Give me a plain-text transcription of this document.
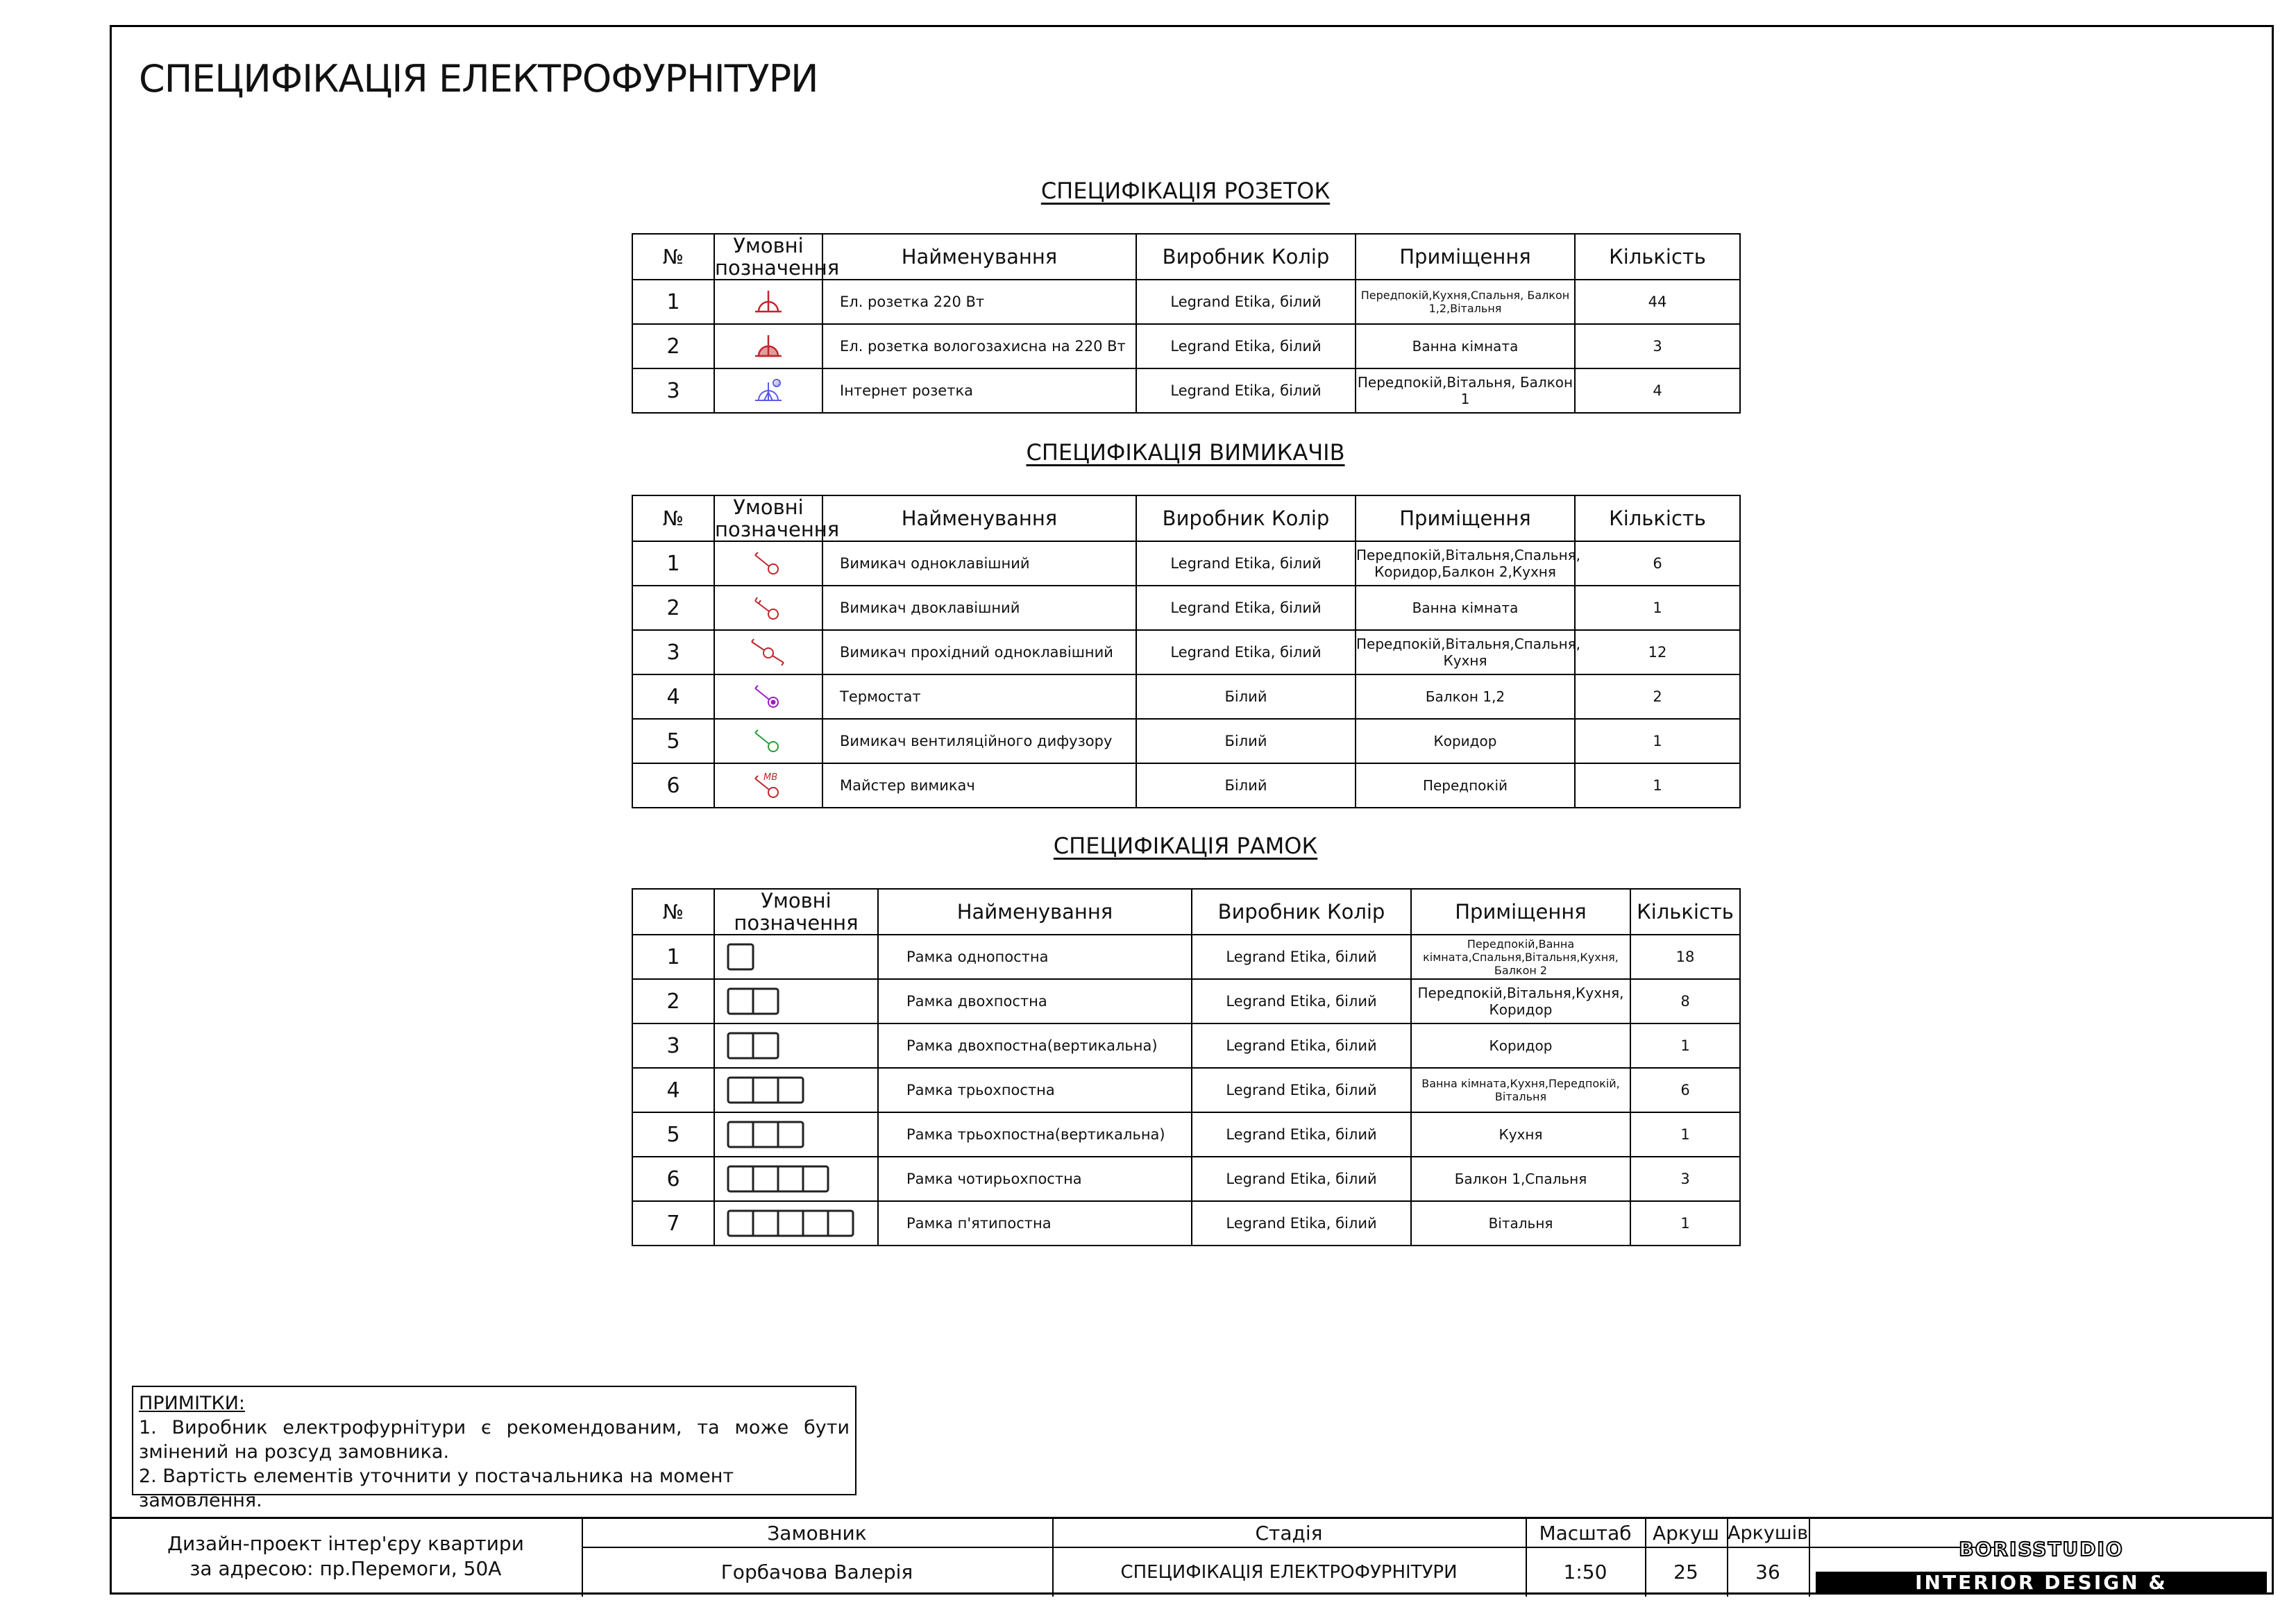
СПЕЦИФІКАЦІЯ ЕЛЕКТРОФУРНІТУРИ
СПЕЦИФІКАЦІЯ РОЗЕТОК
№	Умовні позначення	Найменування	Виробник Колір	Приміщення	Кількість
1		Ел. розетка 220 Вт	Legrand Etika, білий	Передпокій,Кухня,Спальня, Балкон 1,2,Вітальня	44
2		Ел. розетка вологозахисна на 220 Вт	Legrand Etika, білий	Ванна кімната	3
3	@	Інтернет розетка	Legrand Etika, білий	Передпокій,Вітальня, Балкон 1	4
СПЕЦИФІКАЦІЯ ВИМИКАЧІВ
№	Умовні позначення	Найменування	Виробник Колір	Приміщення	Кількість
1		Вимикач одноклавішний	Legrand Etika, білий	Передпокій,Вітальня,Спальня, Коридор,Балкон 2,Кухня	6
2		Вимикач двоклавішний	Legrand Etika, білий	Ванна кімната	1
3		Вимикач прохідний одноклавішний	Legrand Etika, білий	Передпокій,Вітальня,Спальня, Кухня	12
4		Термостат	Білий	Балкон 1,2	2
5		Вимикач вентиляційного дифузору	Білий	Коридор	1
6	МВ	Майстер вимикач	Білий	Передпокій	1
СПЕЦИФІКАЦІЯ РАМОК
№	Умовні позначення	Найменування	Виробник Колір	Приміщення	Кількість
1		Рамка однопостна	Legrand Etika, білий	Передпокій,Ванна кімната,Спальня,Вітальня,Кухня, Балкон 2	18
2		Рамка двохпостна	Legrand Etika, білий	Передпокій,Вітальня,Кухня, Коридор	8
3		Рамка двохпостна(вертикальна)	Legrand Etika, білий	Коридор	1
4		Рамка трьохпостна	Legrand Etika, білий	Ванна кімната,Кухня,Передпокій, Вітальня	6
5		Рамка трьохпостна(вертикальна)	Legrand Etika, білий	Кухня	1
6		Рамка чотирьохпостна	Legrand Etika, білий	Балкон 1,Спальня	3
7		Рамка п'ятипостна	Legrand Etika, білий	Вітальня	1
ПРИМІТКИ:
1. Виробник електрофурнітури є рекомендованим, та може бути змінений на розсуд замовника.
2. Вартість елементів уточнити у постачальника на момент замовлення.
Дизайн-проект інтер'єру квартири
за адресою: пр.Перемоги, 50А
Замовник
Горбачова Валерія
Стадія
СПЕЦИФІКАЦІЯ ЕЛЕКТРОФУРНІТУРИ
Масштаб
1:50
Аркуш
25
Аркушів
36
BORISSTUDIO
INTERIOR DESIGN & ARCHITECTURE
